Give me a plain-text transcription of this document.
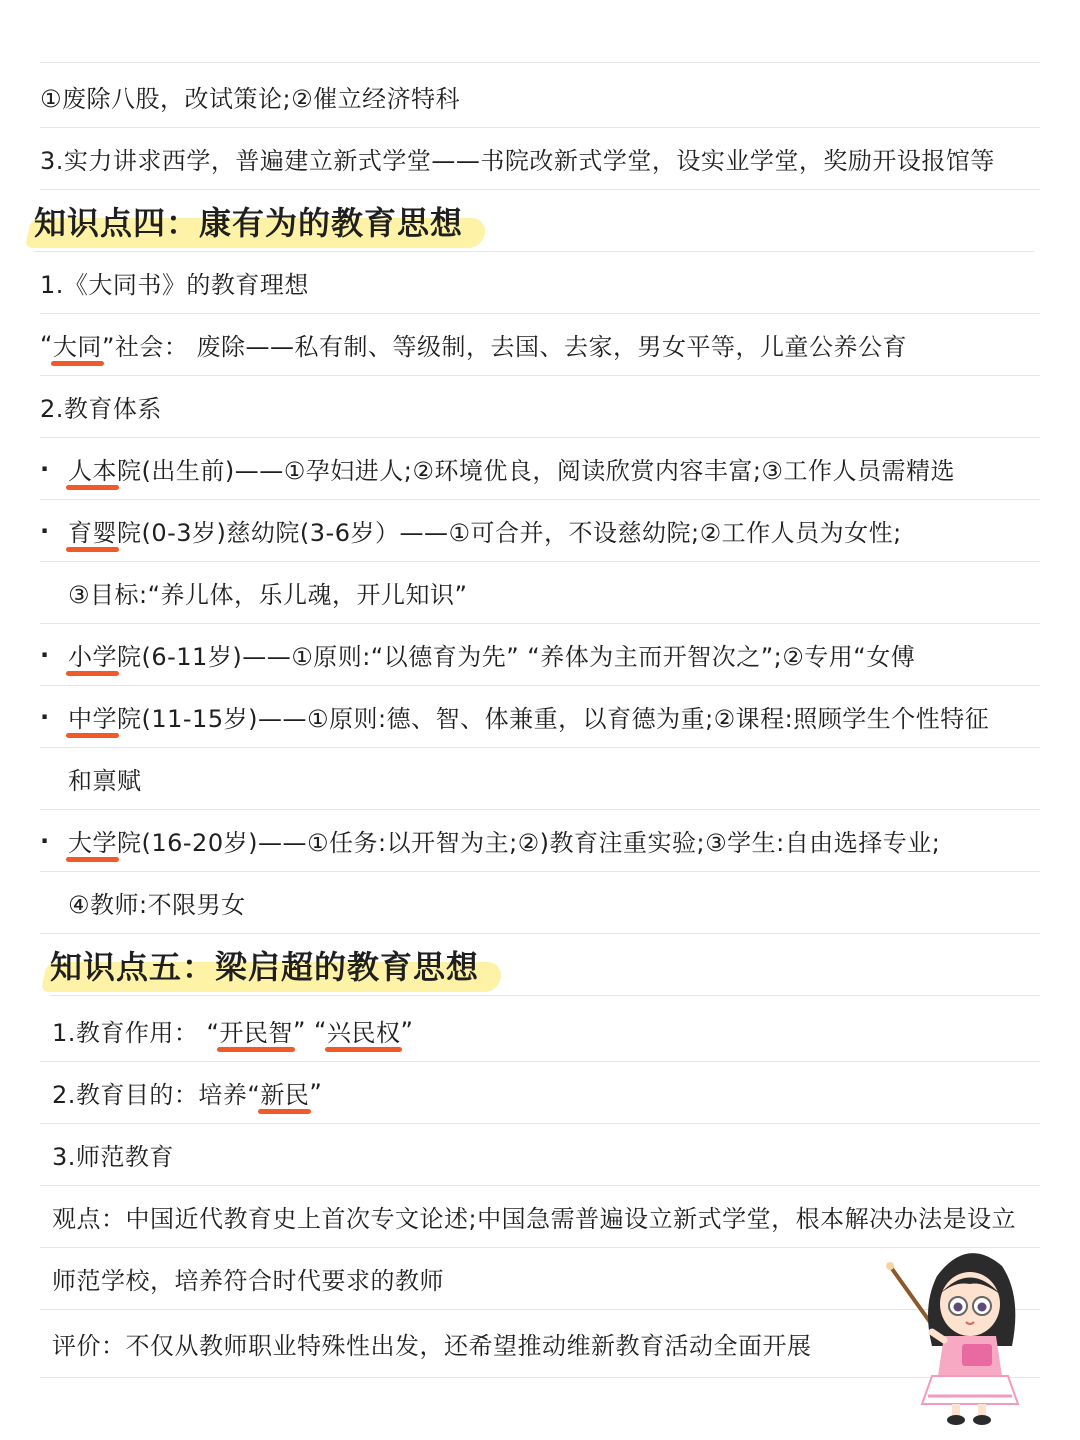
①废除八股，改试策论;②催立经济特科
3.实力讲求西学，普遍建立新式学堂——书院改新式学堂，设实业学堂，奖励开设报馆等
知识点四：康有为的教育思想
1.《大同书》的教育理想
“ 大同 ”社会： 废除——私有制、等级制，去国、去家，男女平等，儿童公养公育
2.教育体系
· 人本 院(出生前)——①孕妇进人;②环境优良，阅读欣赏内容丰富;③工作人员需精选
· 育婴 院(0-3岁)慈幼院(3-6岁）——①可合并，不设慈幼院;②工作人员为女性;
③目标:“养儿体，乐儿魂，开儿知识”
· 小学 院(6-11岁)——①原则:“以德育为先” “养体为主而开智次之”;②专用“女傅
· 中学 院(11-15岁)——①原则:德、智、体兼重，以育德为重;②课程:照顾学生个性特征
和禀赋
· 大学 院(16-20岁)——①任务:以开智为主;②)教育注重实验;③学生:自由选择专业;
④教师:不限男女
知识点五：梁启超的教育思想
1.教育作用： “ 开民智 ” “ 兴民权 ”
2.教育目的：培养“ 新民 ”
3.师范教育
观点：中国近代教育史上首次专文论述;中国急需普遍设立新式学堂，根本解决办法是设立
师范学校，培养符合时代要求的教师
评价：不仅从教师职业特殊性出发，还希望推动维新教育活动全面开展
